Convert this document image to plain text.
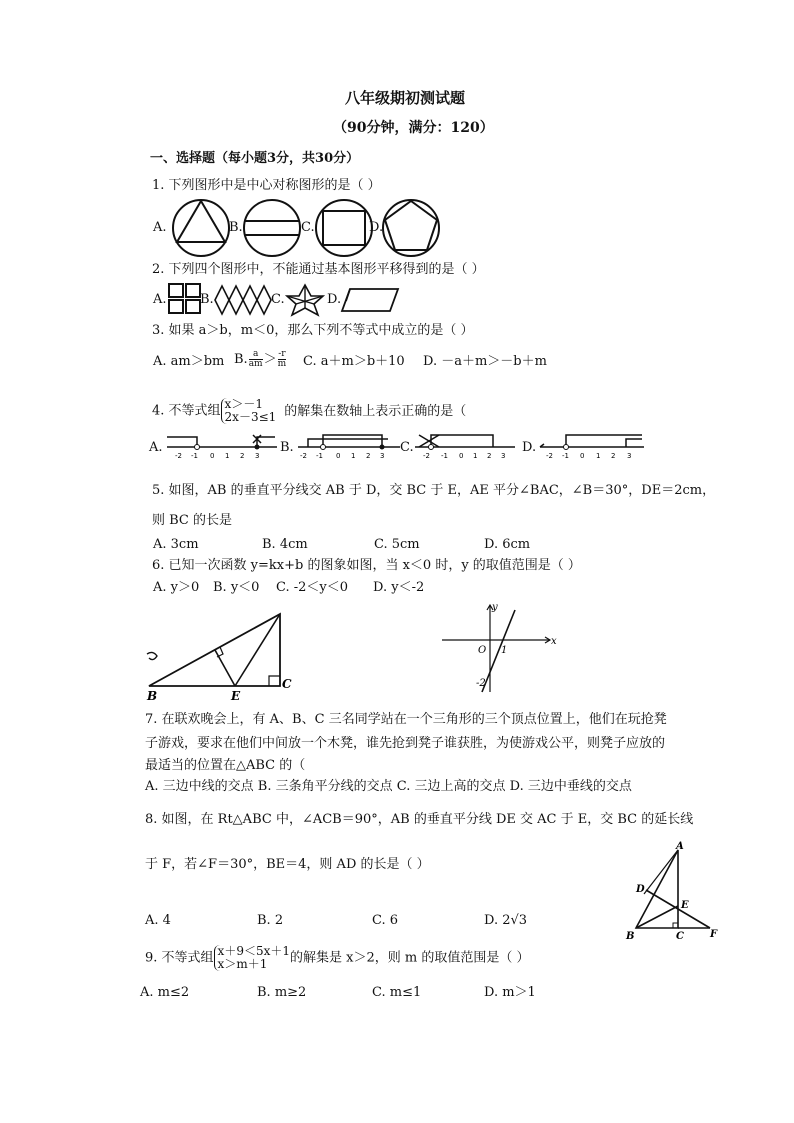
八年级期初测试题
（90分钟，满分：120）
一、选择题（每小题3分，共30分）
1. 下列图形中是中心对称图形的是（ ）
A.	B.	C.	D.
2. 下列四个图形中，不能通过基本图形平移得到的是（ ）
A.	B.	C.	D.
3. 如果 a＞b，m＜0，那么下列不等式中成立的是（ ）
A. am＞bm B. $\frac{a}{am} > \frac{-r}{m} C$. a＋m＞b＋10 D. －a＋m＞－b＋m
4. 不等式组 x＞－1
2x－3≤1 的解集在数轴上表示正确的是（
A.
-2 -1 0 1 2 3
B.
-2 -1 0 1 2 3
C.
-2 -1 0 1 2 3
D.
-2 -1 0 1 2 3
5. 如图，AB 的垂直平分线交 AB 于 D，交 BC 于 E，AE 平分∠BAC，∠B＝30°，DE＝2cm，
则 BC 的长是
A. 3cm	B. 4cm	C. 5cm	D. 6cm
6. 已知一次函数 y=kx+b 的图象如图，当 x＜0 时，y 的取值范围是（ ）
A. y＞0 B. y＜0 C. -2＜y＜0 D. y＜-2
B	E
C
y
x
O 1
-2
7. 在联欢晚会上，有 A、B、C 三名同学站在一个三角形的三个顶点位置上，他们在玩抢凳
子游戏，要求在他们中间放一个木凳，谁先抢到凳子谁获胜，为使游戏公平，则凳子应放的
最适当的位置在△ABC 的（
A. 三边中线的交点 B. 三条角平分线的交点 C. 三边上高的交点 D. 三边中垂线的交点
8. 如图，在 Rt△ABC 中，∠ACB＝90°，AB 的垂直平分线 DE 交 AC 于 E，交 BC 的延长线
于 F，若∠F＝30°，BE＝4，则 AD 的长是（ ）
A. 4	B. 2	C. 6	D. 2√3
A
D
E
B	C	F
9. 不等式组 x＋9＜5x＋1
x＞m＋1	的解集是 x＞2，则 m 的取值范围是（ ）
A. m≤2	B. m≥2	C. m≤1	D. m＞1
